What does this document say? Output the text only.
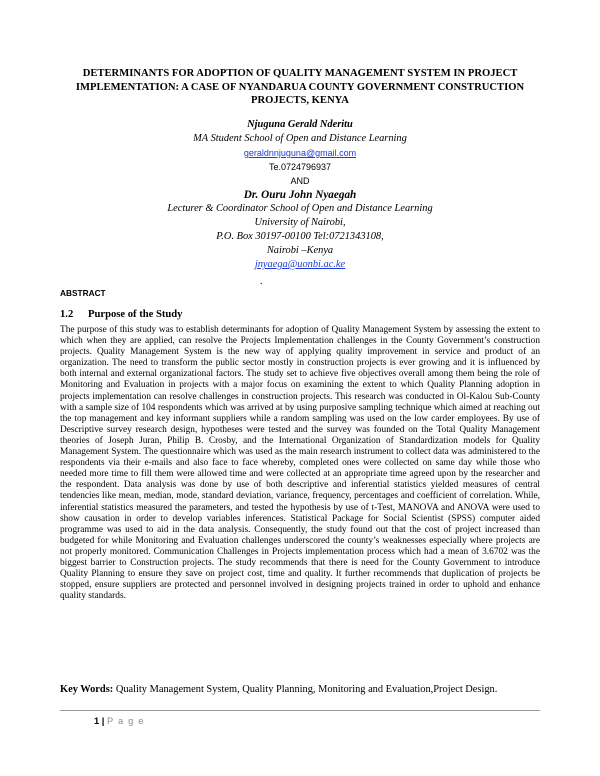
DETERMINANTS FOR ADOPTION OF QUALITY MANAGEMENT SYSTEM IN PROJECT IMPLEMENTATION: A CASE OF NYANDARUA COUNTY GOVERNMENT CONSTRUCTION PROJECTS, KENYA
Njuguna Gerald Nderitu
MA Student School of Open and Distance Learning
geraldnnjuguna@gmail.com
Te.0724796937
AND
Dr. Ouru John Nyaegah
Lecturer & Coordinator School of Open and Distance Learning
University of Nairobi,
P.O. Box 30197-00100 Tel:0721343108,
Nairobi –Kenya
jnyaega@uonbi.ac.ke
.
ABSTRACT
1.2 Purpose of the Study
The purpose of this study was to establish determinants for adoption of Quality Management System by assessing the extent to which when they are applied, can resolve the Projects Implementation challenges in the County Government’s construction projects. Quality Management System is the new way of applying quality improvement in service and product of an organization. The need to transform the public sector mostly in construction projects is ever growing and it is influenced by both internal and external organizational factors. The study set to achieve five objectives overall among them being the role of Monitoring and Evaluation in projects with a major focus on examining the extent to which Quality Planning adoption in projects implementation can resolve challenges in construction projects. This research was conducted in Ol-Kalou Sub-County with a sample size of 104 respondents which was arrived at by using purposive sampling technique which aimed at reaching out the top management and key informant suppliers while a random sampling was used on the low carder employees. By use of Descriptive survey research design, hypotheses were tested and the survey was founded on the Total Quality Management theories of Joseph Juran, Philip B. Crosby, and the International Organization of Standardization models for Quality Management System. The questionnaire which was used as the main research instrument to collect data was administered to the respondents via their e-mails and also face to face whereby, completed ones were collected on same day while those who needed more time to fill them were allowed time and were collected at an appropriate time agreed upon by the researcher and the respondent. Data analysis was done by use of both descriptive and inferential statistics yielded measures of central tendencies like mean, median, mode, standard deviation, variance, frequency, percentages and coefficient of correlation. While, inferential statistics measured the parameters, and tested the hypothesis by use of t-Test, MANOVA and ANOVA were used to show causation in order to develop variables inferences. Statistical Package for Social Scientist (SPSS) computer aided programme was used to aid in the data analysis. Consequently, the study found out that the cost of project increased than budgeted for while Monitoring and Evaluation challenges underscored the county’s weaknesses especially where projects are not properly monitored. Communication Challenges in Projects implementation process which had a mean of 3.6702 was the biggest barrier to Construction projects. The study recommends that there is need for the County Government to introduce Quality Planning to ensure they save on project cost, time and quality. It further recommends that duplication of projects be stopped, ensure suppliers are protected and personnel involved in designing projects trained in order to uphold and enhance quality standards.
Key Words: Quality Management System, Quality Planning, Monitoring and Evaluation,Project Design.
1 | P a g e
